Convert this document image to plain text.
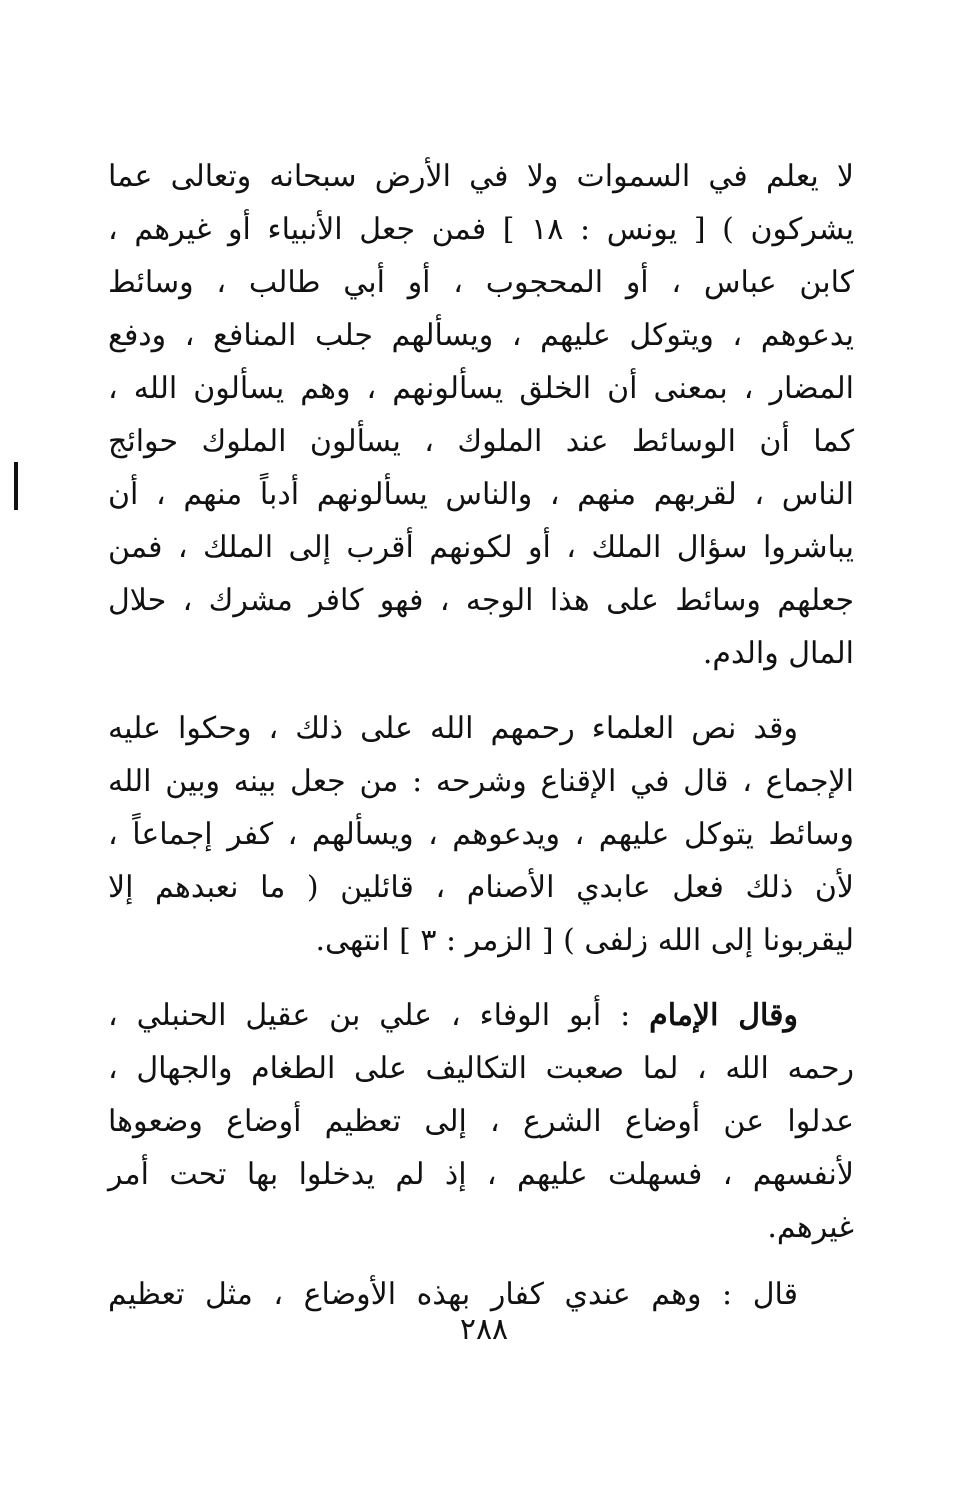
لا يعلم في السموات ولا في الأرض سبحانه وتعالى عما
يشركون ) [ يونس : ١٨ ] فمن جعل الأنبياء أو غيرهم ،
كابن عباس ، أو المحجوب ، أو أبي طالب ، وسائط
يدعوهم ، ويتوكل عليهم ، ويسألهم جلب المنافع ، ودفع
المضار ، بمعنى أن الخلق يسألونهم ، وهم يسألون الله ،
كما أن الوسائط عند الملوك ، يسألون الملوك حوائج
الناس ، لقربهم منهم ، والناس يسألونهم أدباً منهم ، أن
يباشروا سؤال الملك ، أو لكونهم أقرب إلى الملك ، فمن
جعلهم وسائط على هذا الوجه ، فهو كافر مشرك ، حلال
المال والدم.
وقد نص العلماء رحمهم الله على ذلك ، وحكوا عليه
الإجماع ، قال في الإقناع وشرحه : من جعل بينه وبين الله
وسائط يتوكل عليهم ، ويدعوهم ، ويسألهم ، كفر إجماعاً ،
لأن ذلك فعل عابدي الأصنام ، قائلين ( ما نعبدهم إلا
ليقربونا إلى الله زلفى ) [ الزمر : ٣ ] انتهى.
وقال الإمام : أبو الوفاء ، علي بن عقيل الحنبلي ،
رحمه الله ، لما صعبت التكاليف على الطغام والجهال ،
عدلوا عن أوضاع الشرع ، إلى تعظيم أوضاع وضعوها
لأنفسهم ، فسهلت عليهم ، إذ لم يدخلوا بها تحت أمر
غيرهم.
قال : وهم عندي كفار بهذه الأوضاع ، مثل تعظيم
٢٨٨
